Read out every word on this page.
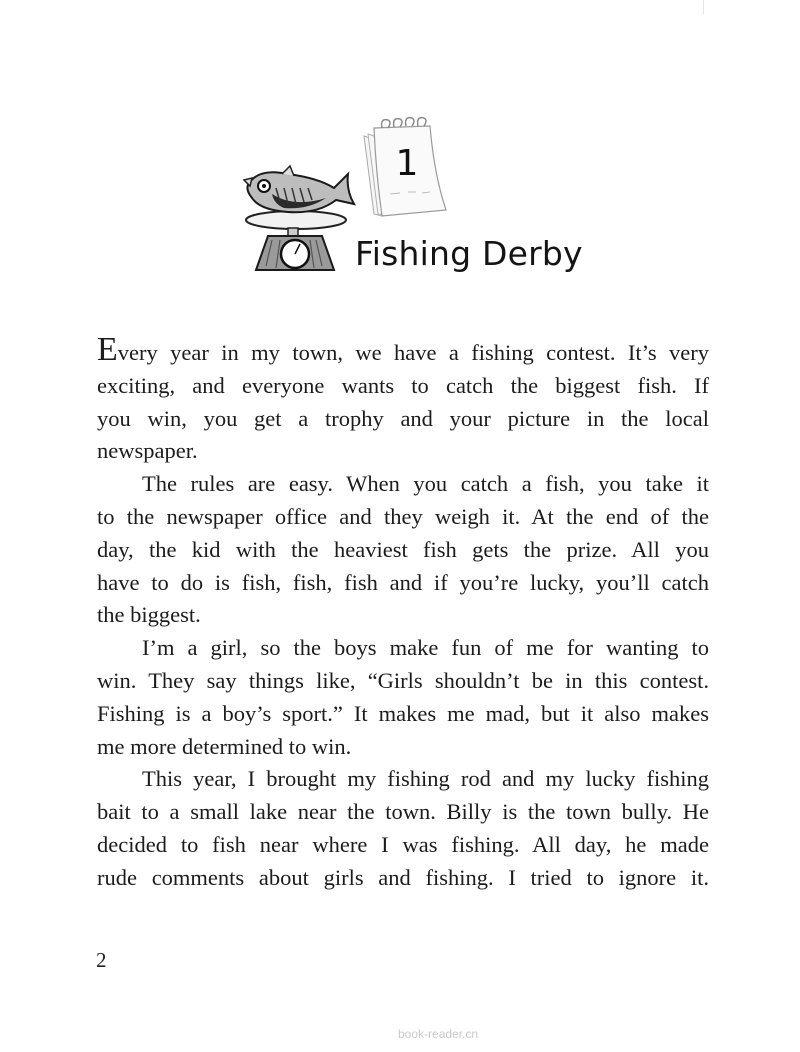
1
Fishing Derby
Every year in my town, we have a fishing contest. It’s very
exciting, and everyone wants to catch the biggest fish. If
you win, you get a trophy and your picture in the local
newspaper.
The rules are easy. When you catch a fish, you take it
to the newspaper office and they weigh it. At the end of the
day, the kid with the heaviest fish gets the prize. All you
have to do is fish, fish, fish and if you’re lucky, you’ll catch
the biggest.
I’m a girl, so the boys make fun of me for wanting to
win. They say things like, “Girls shouldn’t be in this contest.
Fishing is a boy’s sport.” It makes me mad, but it also makes
me more determined to win.
This year, I brought my fishing rod and my lucky fishing
bait to a small lake near the town. Billy is the town bully. He
decided to fish near where I was fishing. All day, he made
rude comments about girls and fishing. I tried to ignore it.
2
book-reader.cn
